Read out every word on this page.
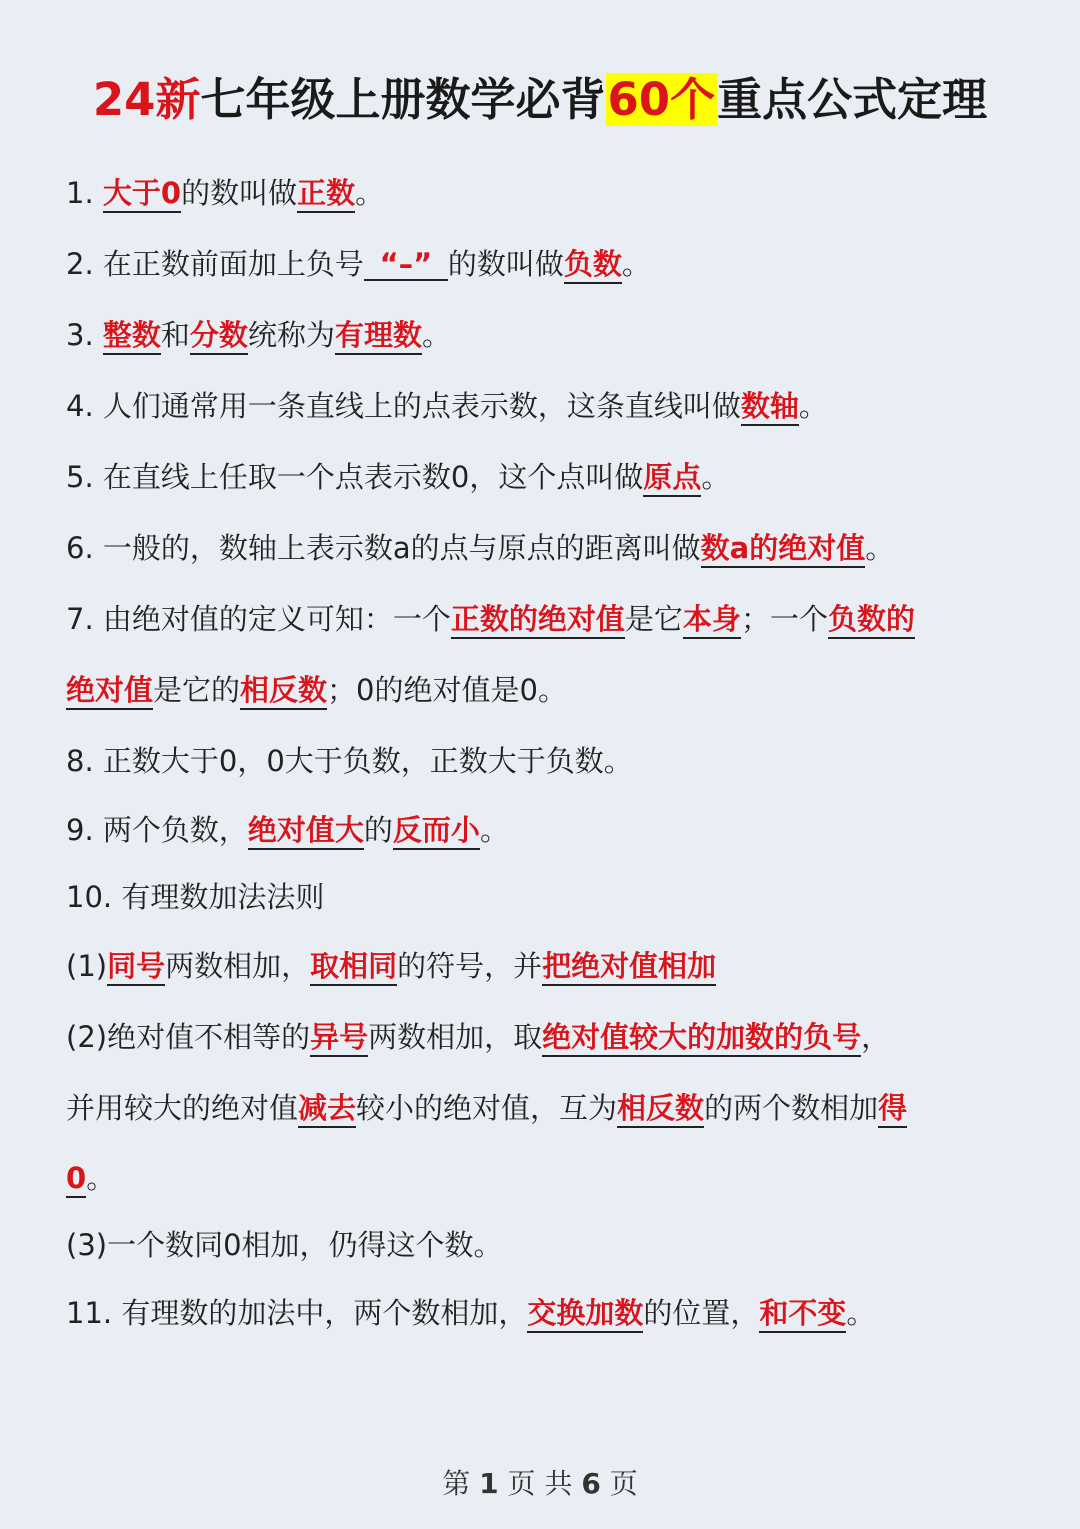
24新七年级上册数学必背60个重点公式定理
1. 大于0的数叫做正数。
2. 在正数前面加上负号 “–” 的数叫做负数。
3. 整数和分数统称为有理数。
4. 人们通常用一条直线上的点表示数，这条直线叫做数轴。
5. 在直线上任取一个点表示数0，这个点叫做原点。
6. 一般的，数轴上表示数a的点与原点的距离叫做数a的绝对值。
7. 由绝对值的定义可知：一个正数的绝对值是它本身；一个负数的
绝对值是它的相反数；0的绝对值是0。
8. 正数大于0，0大于负数，正数大于负数。
9. 两个负数，绝对值大的反而小。
10. 有理数加法法则
(1)同号两数相加，取相同的符号，并把绝对值相加
(2)绝对值不相等的异号两数相加，取绝对值较大的加数的负号，
并用较大的绝对值减去较小的绝对值，互为相反数的两个数相加得
0。
(3)一个数同0相加，仍得这个数。
11. 有理数的加法中，两个数相加，交换加数的位置，和不变。
第 1 页 共 6 页
